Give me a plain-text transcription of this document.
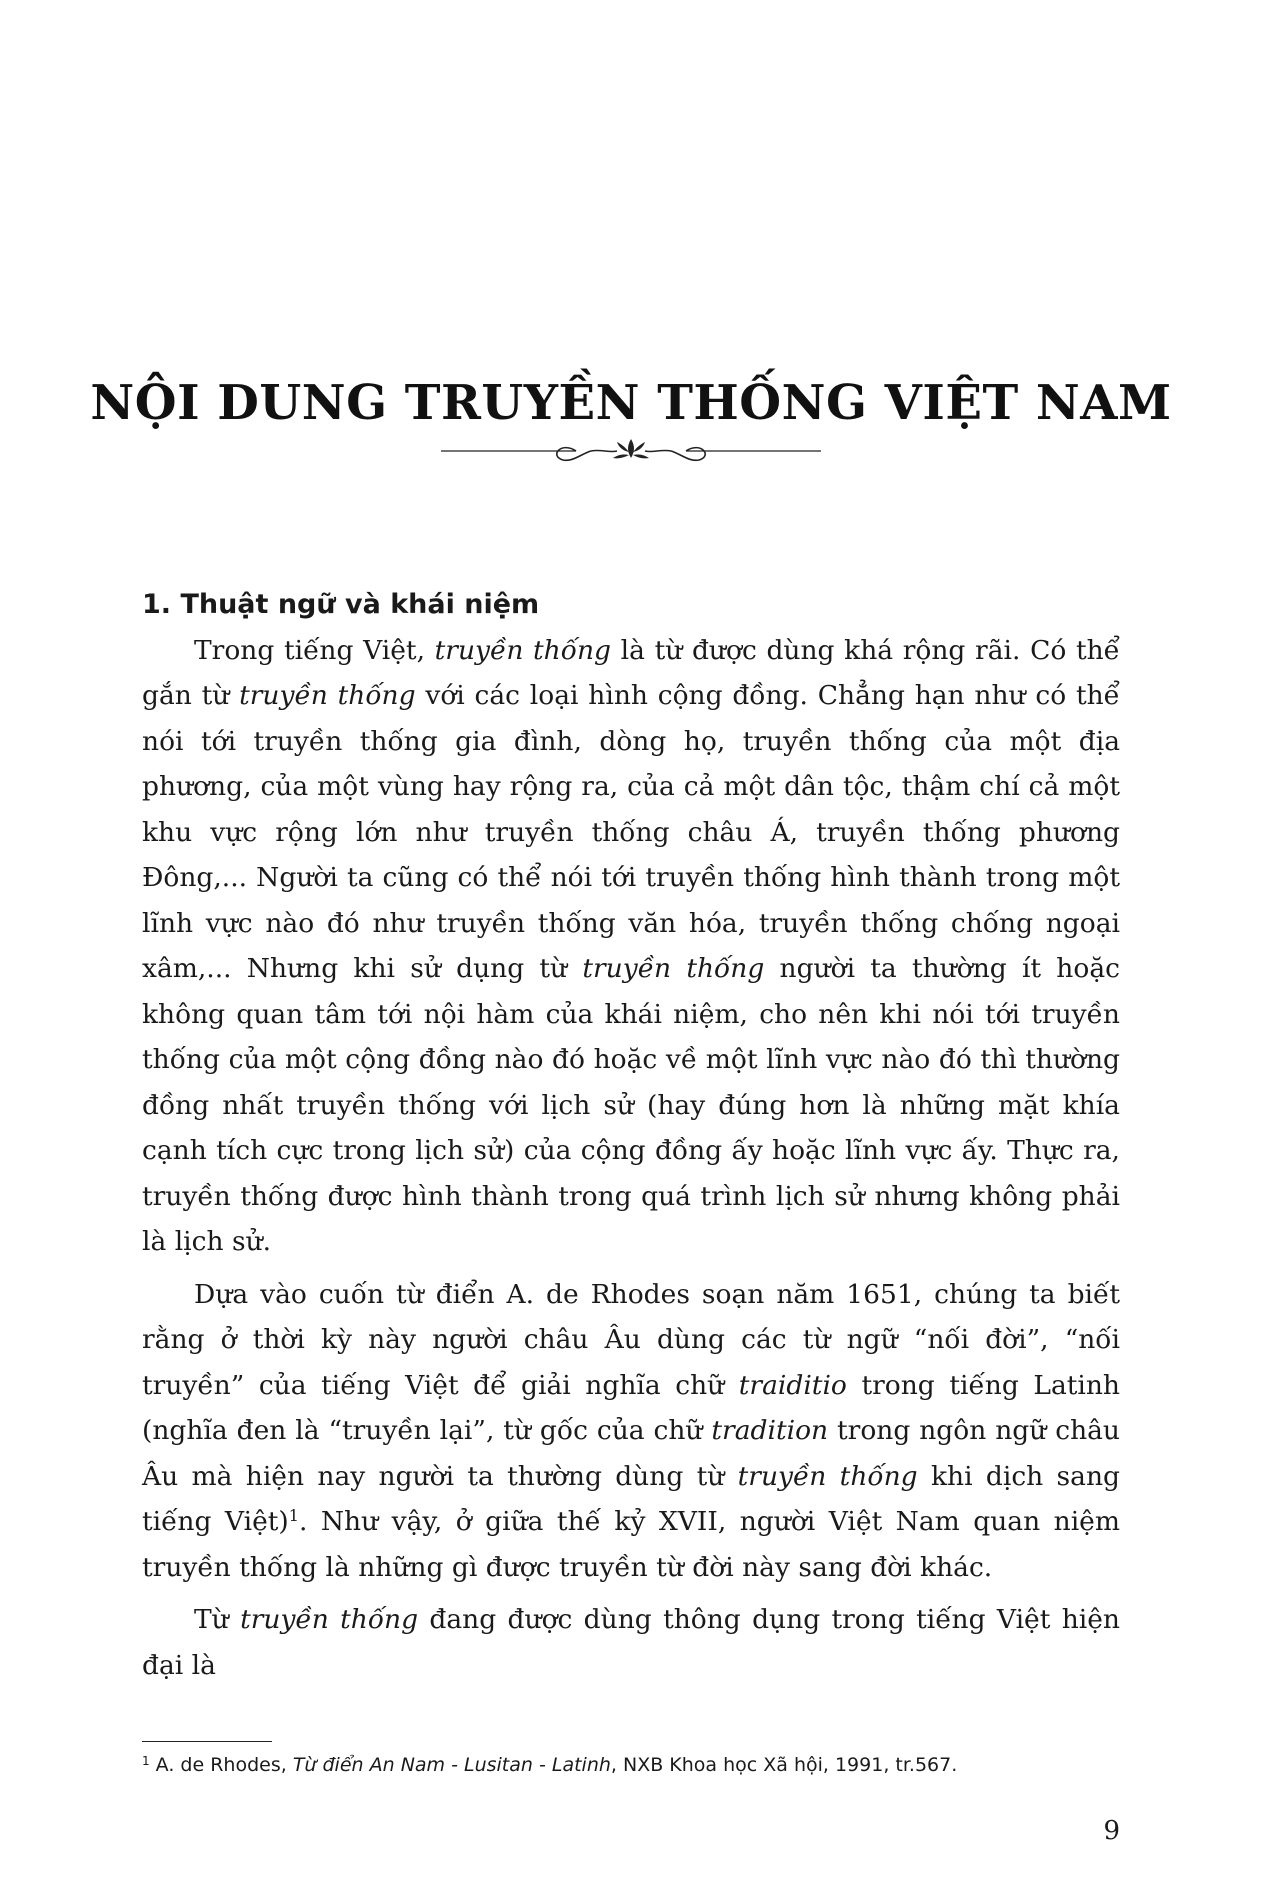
NỘI DUNG TRUYỀN THỐNG VIỆT NAM

1. Thuật ngữ và khái niệm

Trong tiếng Việt, truyền thống là từ được dùng khá rộng rãi. Có thể gắn từ truyền thống với các loại hình cộng đồng. Chẳng hạn như có thể nói tới truyền thống gia đình, dòng họ, truyền thống của một địa phương, của một vùng hay rộng ra, của cả một dân tộc, thậm chí cả một khu vực rộng lớn như truyền thống châu Á, truyền thống phương Đông,... Người ta cũng có thể nói tới truyền thống hình thành trong một lĩnh vực nào đó như truyền thống văn hóa, truyền thống chống ngoại xâm,... Nhưng khi sử dụng từ truyền thống người ta thường ít hoặc không quan tâm tới nội hàm của khái niệm, cho nên khi nói tới truyền thống của một cộng đồng nào đó hoặc về một lĩnh vực nào đó thì thường đồng nhất truyền thống với lịch sử (hay đúng hơn là những mặt khía cạnh tích cực trong lịch sử) của cộng đồng ấy hoặc lĩnh vực ấy. Thực ra, truyền thống được hình thành trong quá trình lịch sử nhưng không phải là lịch sử.

Dựa vào cuốn từ điển A. de Rhodes soạn năm 1651, chúng ta biết rằng ở thời kỳ này người châu Âu dùng các từ ngữ “nối đời”, “nối truyền” của tiếng Việt để giải nghĩa chữ traiditio trong tiếng Latinh (nghĩa đen là “truyền lại”, từ gốc của chữ tradition trong ngôn ngữ châu Âu mà hiện nay người ta thường dùng từ truyền thống khi dịch sang tiếng Việt)$^1$. Như vậy, ở giữa thế kỷ XVII, người Việt Nam quan niệm truyền thống là những gì được truyền từ đời này sang đời khác.

Từ truyền thống đang được dùng thông dụng trong tiếng Việt hiện đại là

$^1$ A. de Rhodes, Từ điển An Nam - Lusitan - Latinh, NXB Khoa học Xã hội, 1991, tr.567.

9
